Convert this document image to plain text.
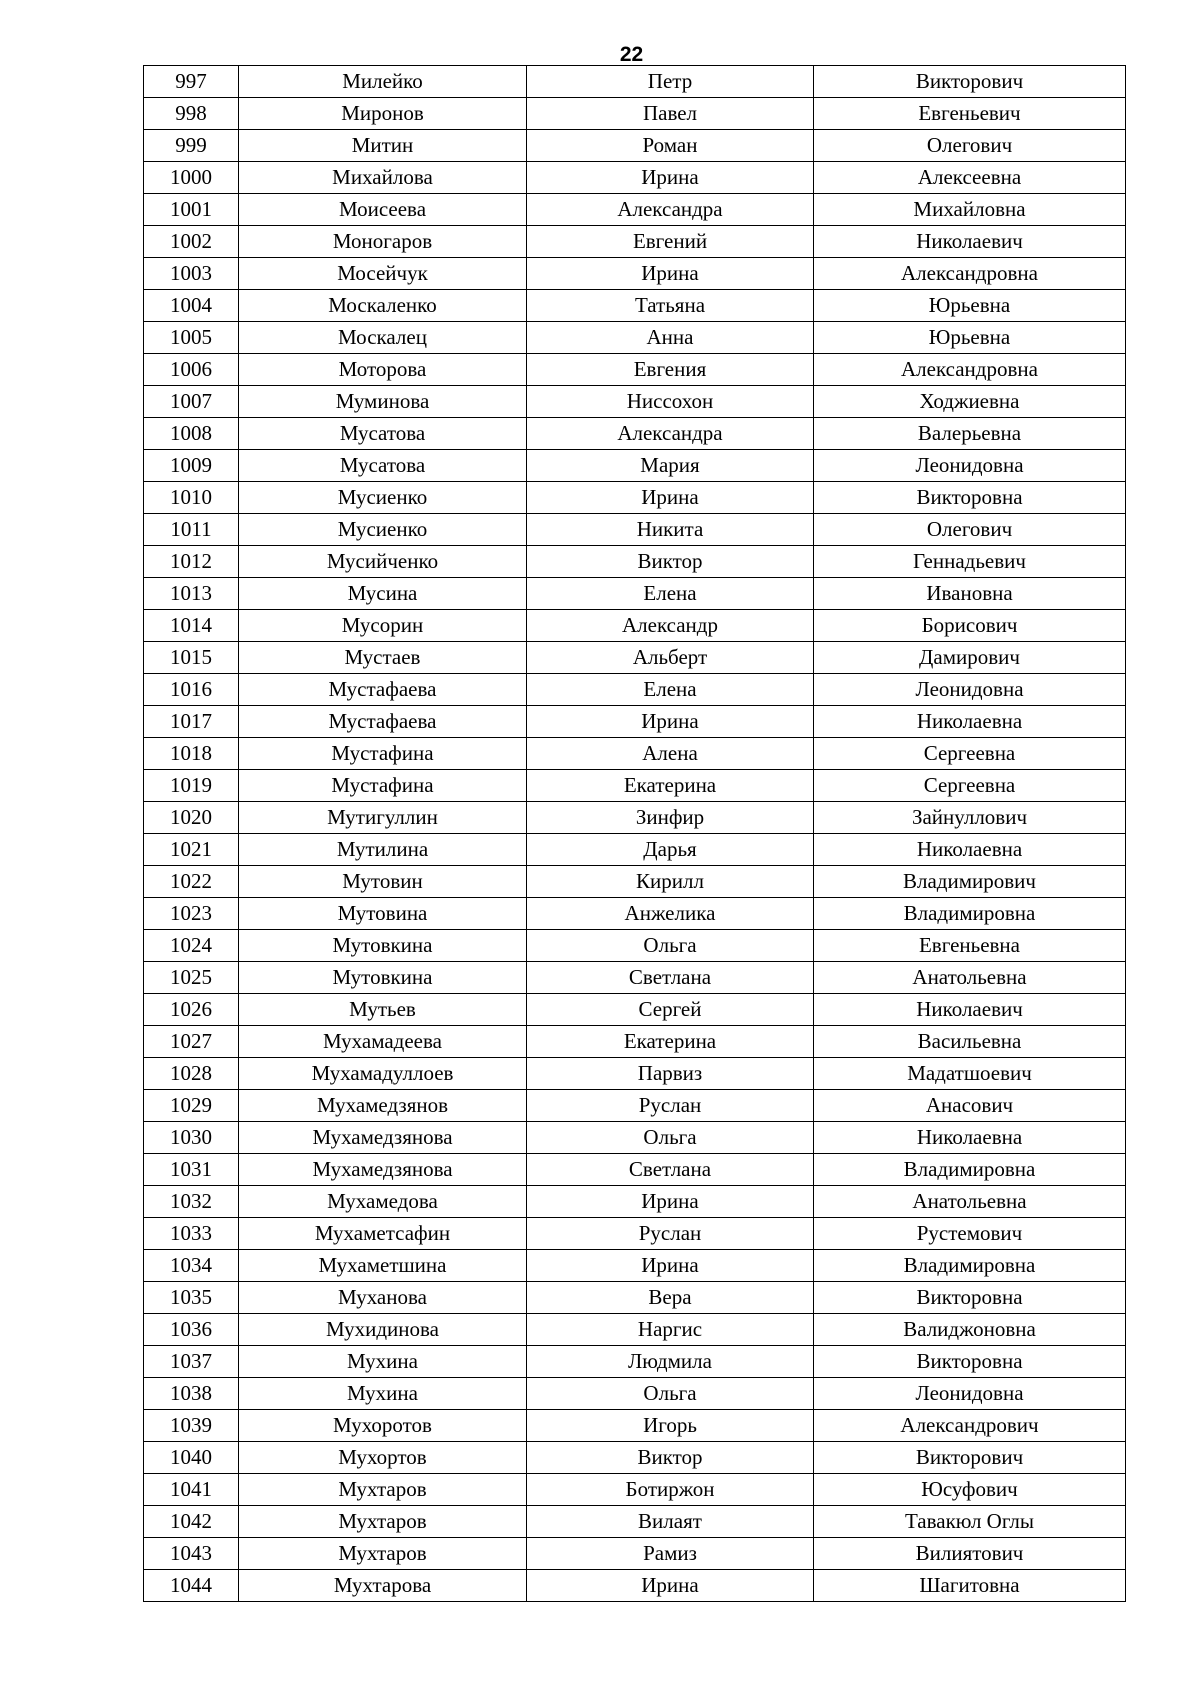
22
997	Милейко	Петр	Викторович
998	Миронов	Павел	Евгеньевич
999	Митин	Роман	Олегович
1000	Михайлова	Ирина	Алексеевна
1001	Моисеева	Александра	Михайловна
1002	Моногаров	Евгений	Николаевич
1003	Мосейчук	Ирина	Александровна
1004	Москаленко	Татьяна	Юрьевна
1005	Москалец	Анна	Юрьевна
1006	Моторова	Евгения	Александровна
1007	Муминова	Ниссохон	Ходжиевна
1008	Мусатова	Александра	Валерьевна
1009	Мусатова	Мария	Леонидовна
1010	Мусиенко	Ирина	Викторовна
1011	Мусиенко	Никита	Олегович
1012	Мусийченко	Виктор	Геннадьевич
1013	Мусина	Елена	Ивановна
1014	Мусорин	Александр	Борисович
1015	Мустаев	Альберт	Дамирович
1016	Мустафаева	Елена	Леонидовна
1017	Мустафаева	Ирина	Николаевна
1018	Мустафина	Алена	Сергеевна
1019	Мустафина	Екатерина	Сергеевна
1020	Мутигуллин	Зинфир	Зайнуллович
1021	Мутилина	Дарья	Николаевна
1022	Мутовин	Кирилл	Владимирович
1023	Мутовина	Анжелика	Владимировна
1024	Мутовкина	Ольга	Евгеньевна
1025	Мутовкина	Светлана	Анатольевна
1026	Мутьев	Сергей	Николаевич
1027	Мухамадеева	Екатерина	Васильевна
1028	Мухамадуллоев	Парвиз	Мадатшоевич
1029	Мухамедзянов	Руслан	Анасович
1030	Мухамедзянова	Ольга	Николаевна
1031	Мухамедзянова	Светлана	Владимировна
1032	Мухамедова	Ирина	Анатольевна
1033	Мухаметсафин	Руслан	Рустемович
1034	Мухаметшина	Ирина	Владимировна
1035	Муханова	Вера	Викторовна
1036	Мухидинова	Наргис	Валиджоновна
1037	Мухина	Людмила	Викторовна
1038	Мухина	Ольга	Леонидовна
1039	Мухоротов	Игорь	Александрович
1040	Мухортов	Виктор	Викторович
1041	Мухтаров	Ботиржон	Юсуфович
1042	Мухтаров	Вилаят	Тавакюл Оглы
1043	Мухтаров	Рамиз	Вилиятович
1044	Мухтарова	Ирина	Шагитовна
